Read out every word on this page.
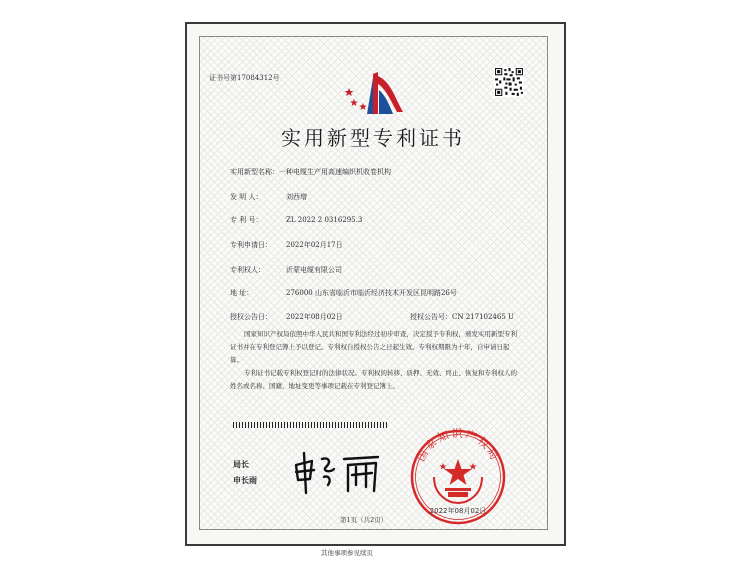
证书号第17084312号
实用新型专利证书
实用新型名称：一种电缆生产用高速编织机收卷机构
发 明 人：	刘西增
专 利 号：	ZL 2022 2 0316295.3
专利申请日： 2022年02月17日
专利权人：	沂蒙电缆有限公司
地 址：	276000 山东省临沂市临沂经济技术开发区昆明路26号
授权公告日： 2022年08月02日	授权公告号：CN 217102465 U
国家知识产权局依照中华人民共和国专利法经过初步审查，决定授予专利权，颁发实用新型专利证书并在专利登记簿上予以登记。专利权自授权公告之日起生效。专利权期限为十年，自申请日起算。
专利证书记载专利权登记时的法律状况。专利权的转移、质押、无效、终止、恢复和专利权人的姓名或名称、国籍、地址变更等事项记载在专利登记簿上。
局长
申长雨
国家知识产权局
2022年08月02日
第1页（共2页）
其他事项参见续页
